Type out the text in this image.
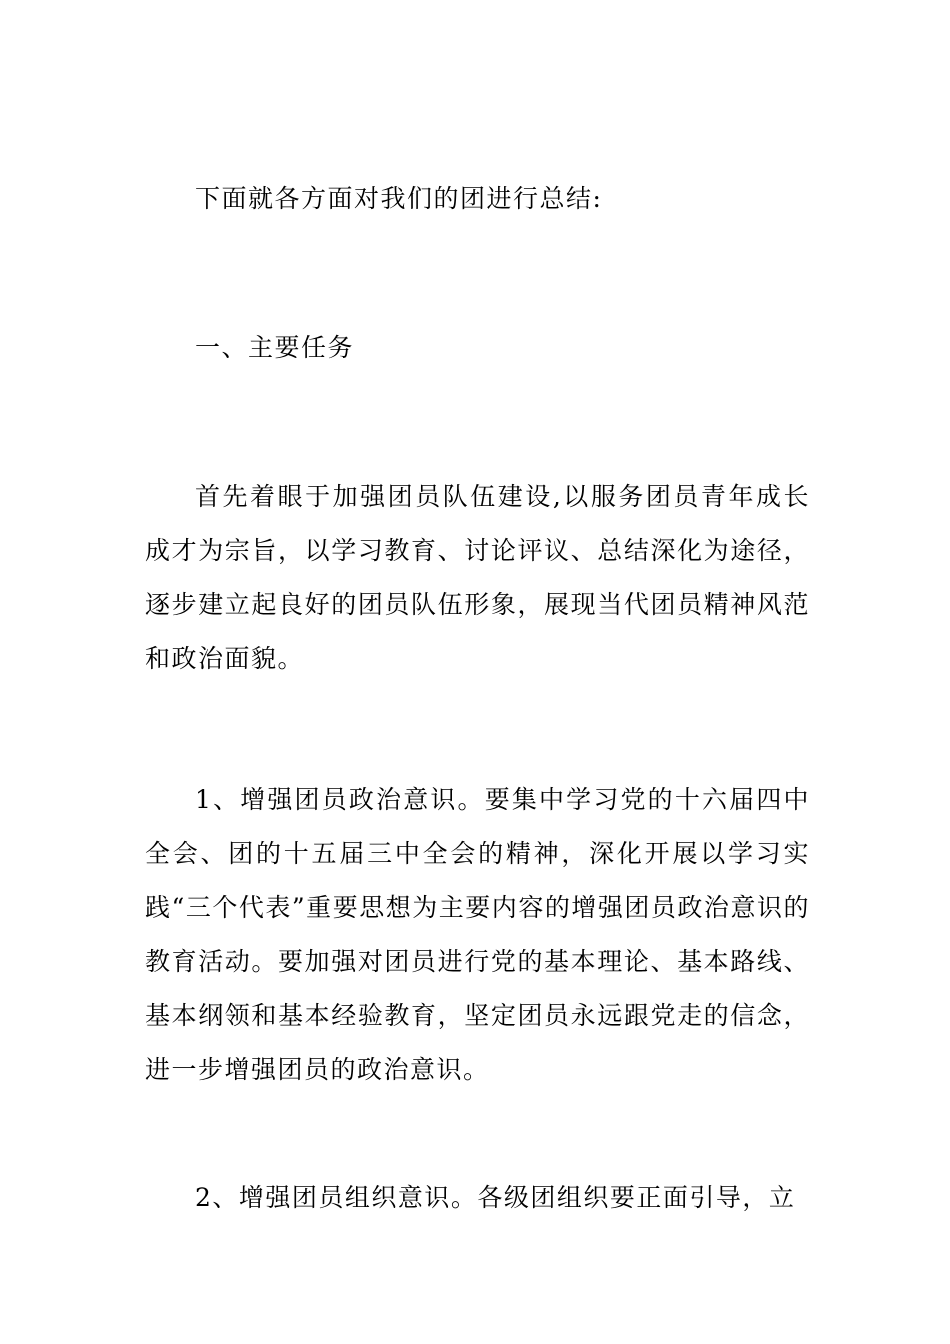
下面就各方面对我们的团进行总结:

一、主要任务

首先着眼于加强团员队伍建设,以服务团员青年成长成才为宗旨，以学习教育、讨论评议、总结深化为途径，逐步建立起良好的团员队伍形象，展现当代团员精神风范和政治面貌。

1、增强团员政治意识。要集中学习党的十六届四中全会、团的十五届三中全会的精神，深化开展以学习实践“三个代表”重要思想为主要内容的增强团员政治意识的教育活动。要加强对团员进行党的基本理论、基本路线、基本纲领和基本经验教育，坚定团员永远跟党走的信念，进一步增强团员的政治意识。

2、增强团员组织意识。各级团组织要正面引导，立
